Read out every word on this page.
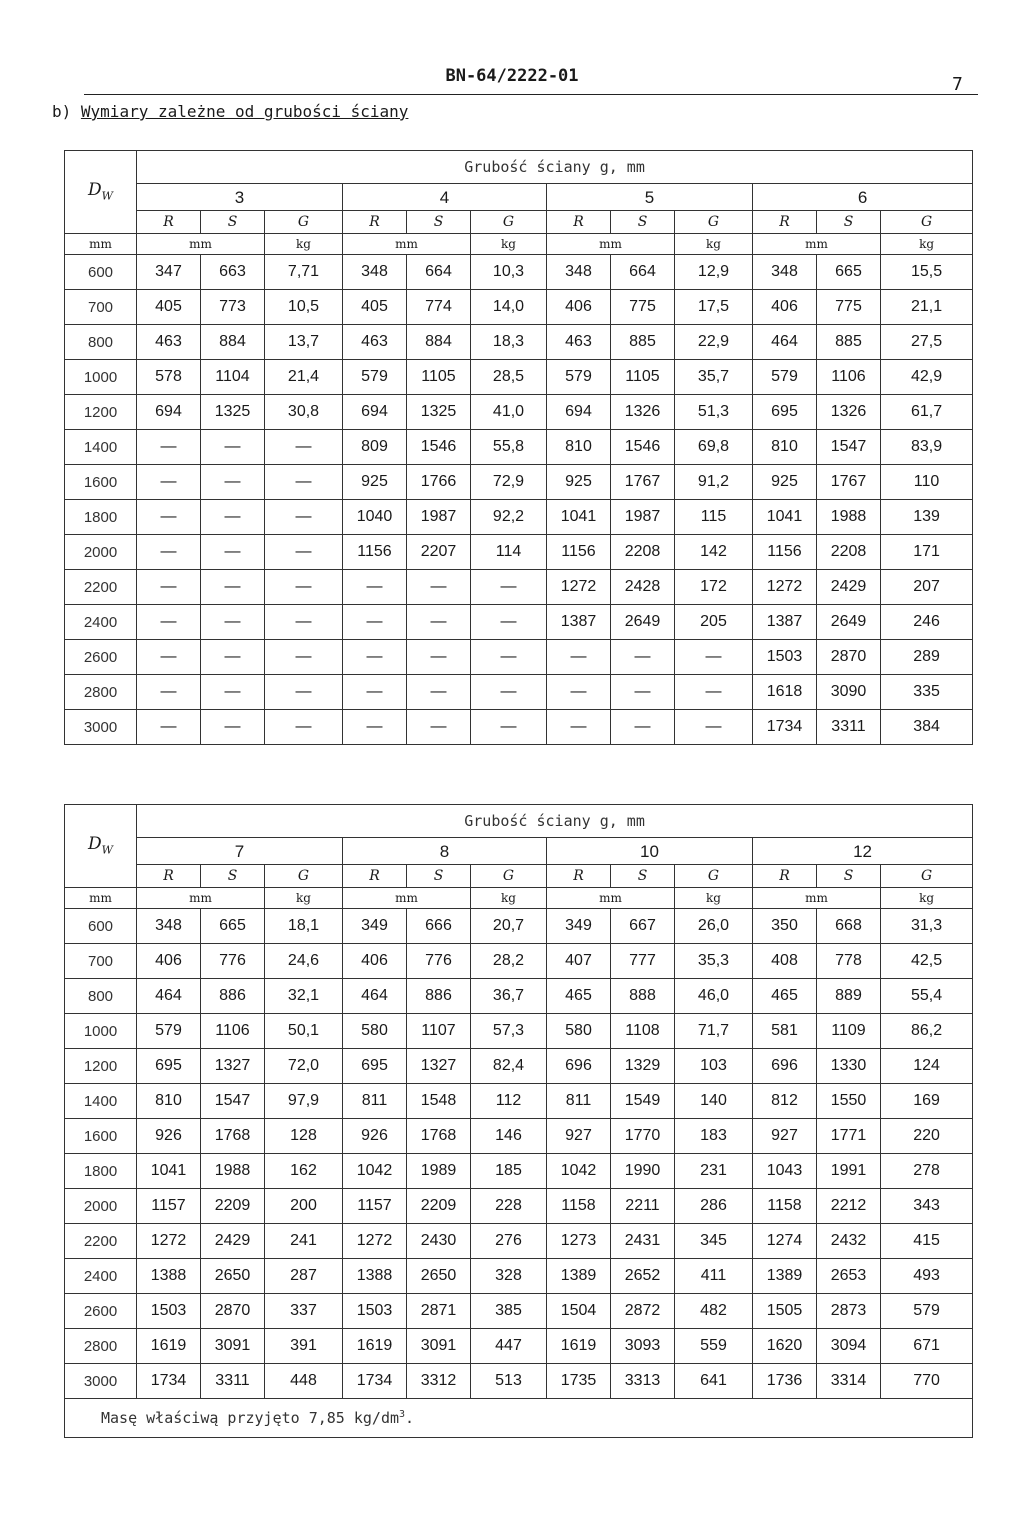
BN-64/2222-01	7
b) Wymiary zależne od grubości ściany
$D_W$	Grubość ściany g, mm											
	3			4			5			6		
	R	S	G	R	S	G	R	S	G	R	S	G
mm	mm		kg	mm		kg	mm		kg	mm		kg
600	347	663	7,71	348	664	10,3	348	664	12,9	348	665	15,5
700	405	773	10,5	405	774	14,0	406	775	17,5	406	775	21,1
800	463	884	13,7	463	884	18,3	463	885	22,9	464	885	27,5
1000	578	1104	21,4	579	1105	28,5	579	1105	35,7	579	1106	42,9
1200	694	1325	30,8	694	1325	41,0	694	1326	51,3	695	1326	61,7
1400	—	—	—	809	1546	55,8	810	1546	69,8	810	1547	83,9
1600	—	—	—	925	1766	72,9	925	1767	91,2	925	1767	110
1800	—	—	—	1040	1987	92,2	1041	1987	115	1041	1988	139
2000	—	—	—	1156	2207	114	1156	2208	142	1156	2208	171
2200	—	—	—	—	—	—	1272	2428	172	1272	2429	207
2400	—	—	—	—	—	—	1387	2649	205	1387	2649	246
2600	—	—	—	—	—	—	—	—	—	1503	2870	289
2800	—	—	—	—	—	—	—	—	—	1618	3090	335
3000	—	—	—	—	—	—	—	—	—	1734	3311	384
$D_W$	Grubość ściany g, mm											
	7			8			10			12		
	R	S	G	R	S	G	R	S	G	R	S	G
mm	mm		kg	mm		kg	mm		kg	mm		kg
600	348	665	18,1	349	666	20,7	349	667	26,0	350	668	31,3
700	406	776	24,6	406	776	28,2	407	777	35,3	408	778	42,5
800	464	886	32,1	464	886	36,7	465	888	46,0	465	889	55,4
1000	579	1106	50,1	580	1107	57,3	580	1108	71,7	581	1109	86,2
1200	695	1327	72,0	695	1327	82,4	696	1329	103	696	1330	124
1400	810	1547	97,9	811	1548	112	811	1549	140	812	1550	169
1600	926	1768	128	926	1768	146	927	1770	183	927	1771	220
1800	1041	1988	162	1042	1989	185	1042	1990	231	1043	1991	278
2000	1157	2209	200	1157	2209	228	1158	2211	286	1158	2212	343
2200	1272	2429	241	1272	2430	276	1273	2431	345	1274	2432	415
2400	1388	2650	287	1388	2650	328	1389	2652	411	1389	2653	493
2600	1503	2870	337	1503	2871	385	1504	2872	482	1505	2873	579
2800	1619	3091	391	1619	3091	447	1619	3093	559	1620	3094	671
3000	1734	3311	448	1734	3312	513	1735	3313	641	1736	3314	770
Masę właściwą przyjęto 7,85 $kg/dm^3$.												
